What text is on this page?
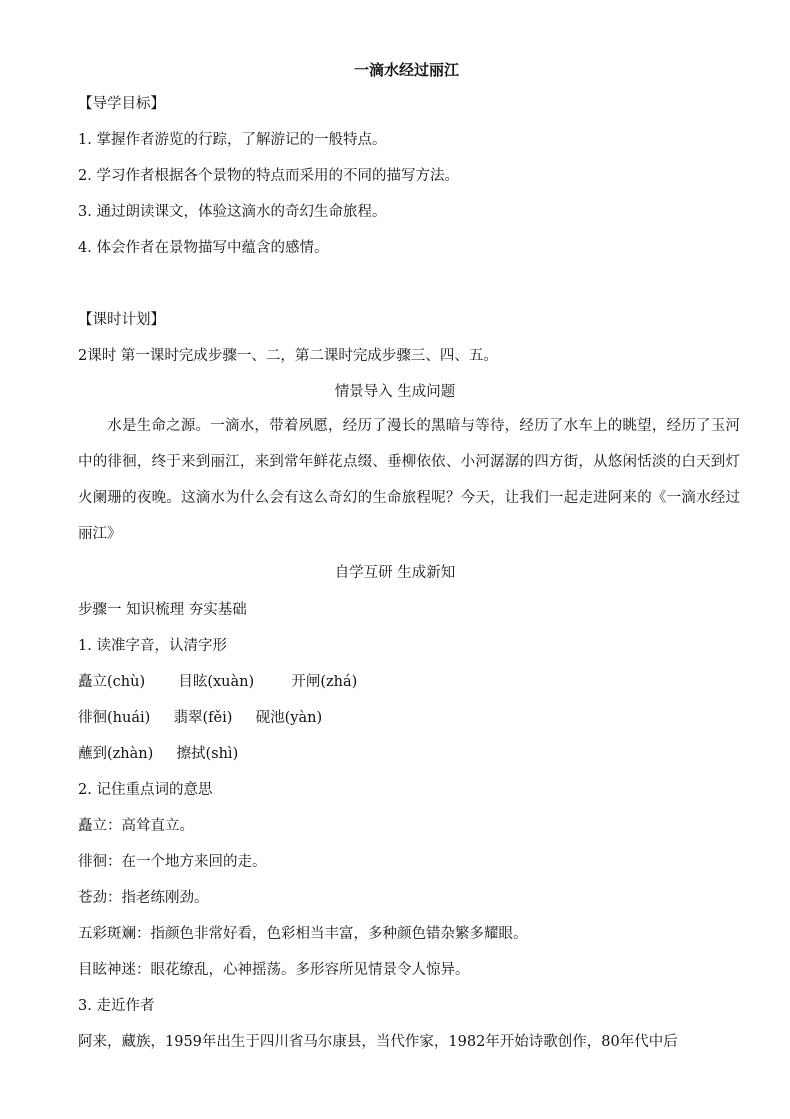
一滴水经过丽江
【导学目标】
1. 掌握作者游览的行踪，了解游记的一般特点。
2. 学习作者根据各个景物的特点而采用的不同的描写方法。
3. 通过朗读课文，体验这滴水的奇幻生命旅程。
4. 体会作者在景物描写中蕴含的感情。
【课时计划】
2课时 第一课时完成步骤一、二，第二课时完成步骤三、四、五。
情景导入 生成问题
水是生命之源。一滴水，带着夙愿，经历了漫长的黑暗与等待，经历了水车上的眺望，经历了玉河中的徘徊，终于来到丽江，来到常年鲜花点缀、垂柳依依、小河潺潺的四方街，从悠闲恬淡的白天到灯火阑珊的夜晚。这滴水为什么会有这么奇幻的生命旅程呢？今天，让我们一起走进阿来的《一滴水经过丽江》
自学互研 生成新知
步骤一 知识梳理 夯实基础
1. 读准字音，认清字形
矗立(chù) 目眩(xuàn)	开闸(zhá)
徘徊(huái) 翡翠(fěi) 砚池(yàn)
蘸到(zhàn) 擦拭(shì)
2. 记住重点词的意思
矗立：高耸直立。
徘徊：在一个地方来回的走。
苍劲：指老练刚劲。
五彩斑斓：指颜色非常好看，色彩相当丰富，多种颜色错杂繁多耀眼。
目眩神迷：眼花缭乱，心神摇荡。多形容所见情景令人惊异。
3. 走近作者
阿来，藏族，1959年出生于四川省马尔康县，当代作家，1982年开始诗歌创作，80年代中后
